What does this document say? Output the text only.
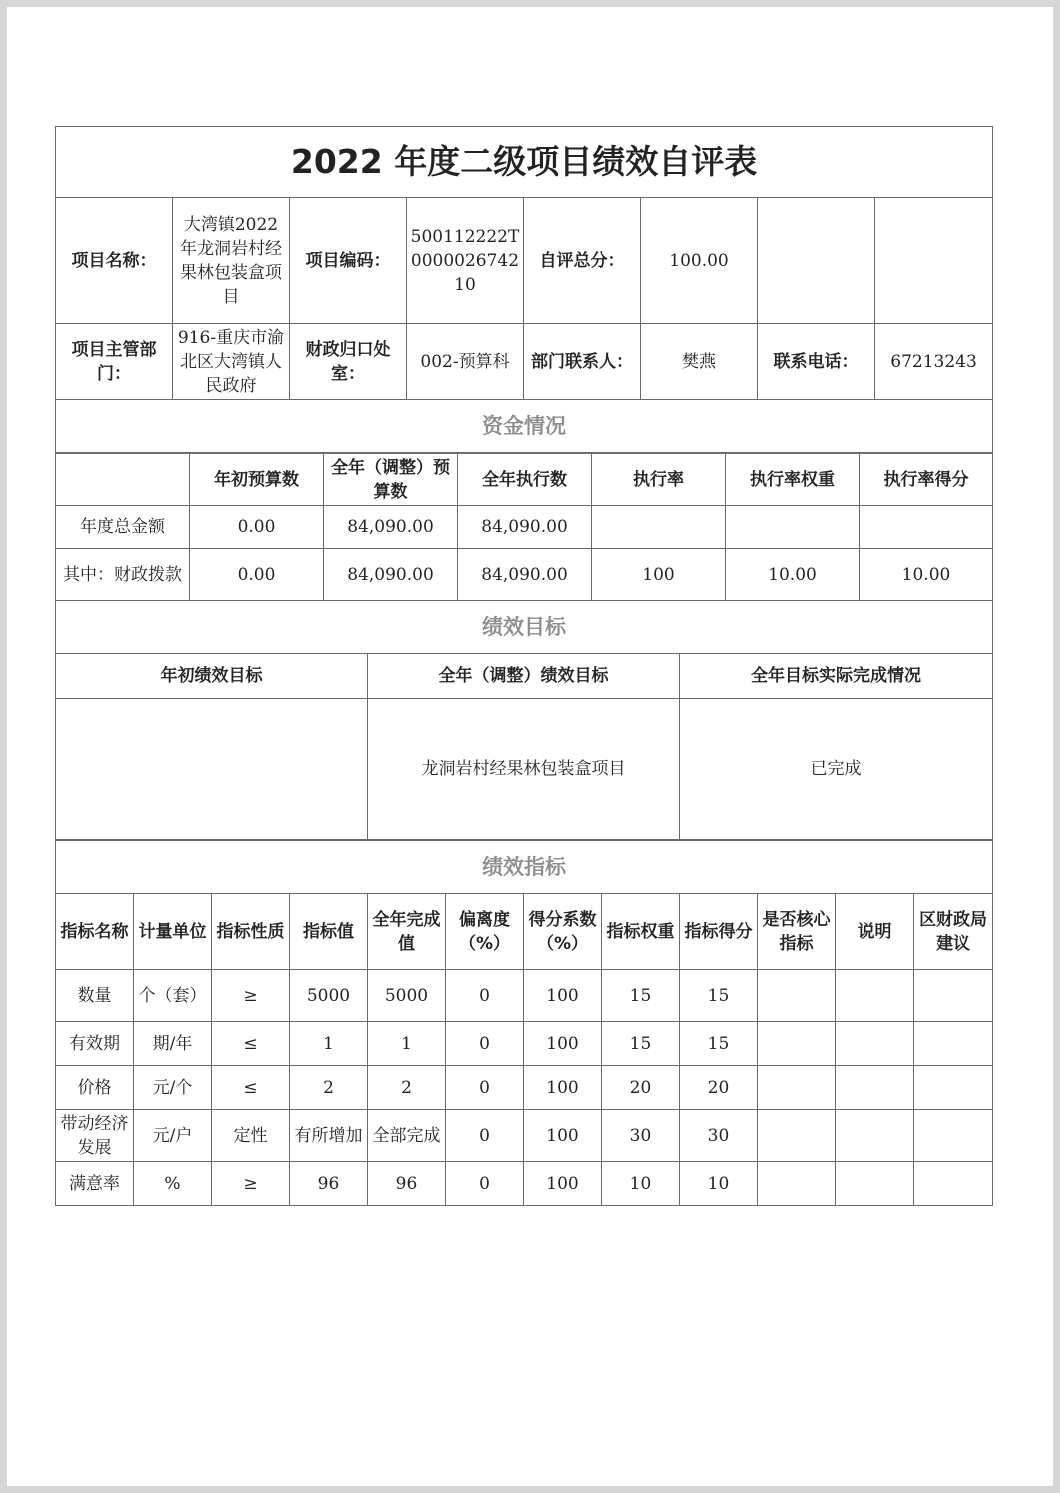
2022 年度二级项目绩效自评表							
项目名称：	大湾镇2022 年龙洞岩村经果林包装盒项目	项目编码：	500112222T000002674210	自评总分：	100.00		
项目主管部门：	916-重庆市渝北区大湾镇人民政府	财政归口处室：	002-预算科	部门联系人：	樊燕	联系电话：	67213243
资金情况							
	年初预算数	全年（调整）预算数	全年执行数	执行率	执行率权重	执行率得分
年度总金额	0.00	84,090.00	84,090.00			
其中：财政拨款	0.00	84,090.00	84,090.00	100	10.00	10.00
绩效目标		
年初绩效目标	全年（调整）绩效目标	全年目标实际完成情况
	龙洞岩村经果林包装盒项目	已完成
绩效指标											
指标名称	计量单位	指标性质	指标值	全年完成值	偏离度（%）	得分系数（%）	指标权重	指标得分	是否核心指标	说明	区财政局建议
数量	个（套）	≥	5000	5000	0	100	15	15			
有效期	期/年	≤	1	1	0	100	15	15			
价格	元/个	≤	2	2	0	100	20	20			
带动经济发展	元/户	定性	有所增加	全部完成	0	100	30	30			
满意率	%	≥	96	96	0	100	10	10			
